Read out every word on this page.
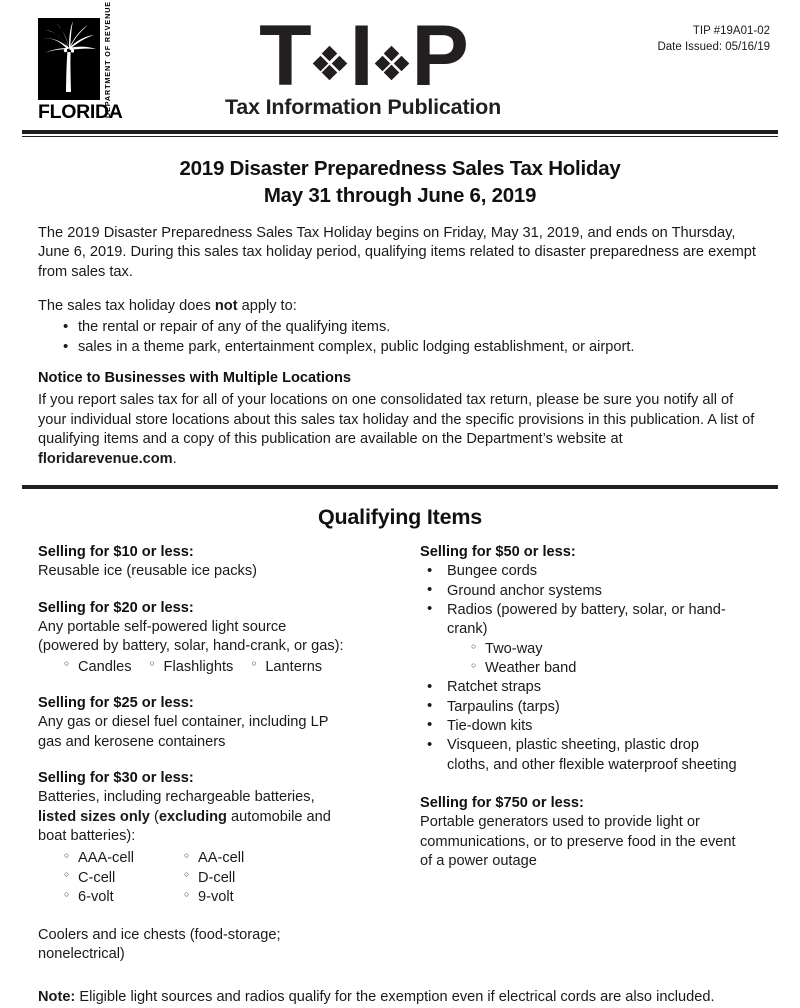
DEPARTMENT OF REVENUE
FLORIDA
T I P
Tax Information Publication
TIP #19A01-02
Date Issued: 05/16/19
2019 Disaster Preparedness Sales Tax Holiday
May 31 through June 6, 2019

The 2019 Disaster Preparedness Sales Tax Holiday begins on Friday, May 31, 2019, and ends on Thursday, June 6, 2019. During this sales tax holiday period, qualifying items related to disaster preparedness are exempt from sales tax.

The sales tax holiday does not apply to:

• the rental or repair of any of the qualifying items.
• sales in a theme park, entertainment complex, public lodging establishment, or airport.
Notice to Businesses with Multiple Locations

If you report sales tax for all of your locations on one consolidated tax return, please be sure you notify all of your individual store locations about this sales tax holiday and the specific provisions in this publication. A list of qualifying items and a copy of this publication are available on the Department’s website at floridarevenue.com.

Qualifying Items
Selling for $10 or less:
Reusable ice (reusable ice packs)
Selling for $20 or less:
Any portable self-powered light source
(powered by battery, solar, hand-crank, or gas):
○ Candles	○ Flashlights	○ Lanterns
Selling for $25 or less:
Any gas or diesel fuel container, including LP
gas and kerosene containers
Selling for $30 or less:
Batteries, including rechargeable batteries,
listed sizes only (excluding automobile and
boat batteries):
○ AAA-cell	○ AA-cell
○ C-cell	○ D-cell
○ 6-volt	○ 9-volt
Coolers and ice chests (food-storage;
nonelectrical)
Selling for $50 or less:
• Bungee cords
• Ground anchor systems
• Radios (powered by battery, solar, or hand-
crank)
○ Two-way
○ Weather band
• Ratchet straps
• Tarpaulins (tarps)
• Tie-down kits
• Visqueen, plastic sheeting, plastic drop
cloths, and other flexible waterproof sheeting
Selling for $750 or less:
Portable generators used to provide light or
communications, or to preserve food in the event
of a power outage
Note: Eligible light sources and radios qualify for the exemption even if electrical cords are also included.
